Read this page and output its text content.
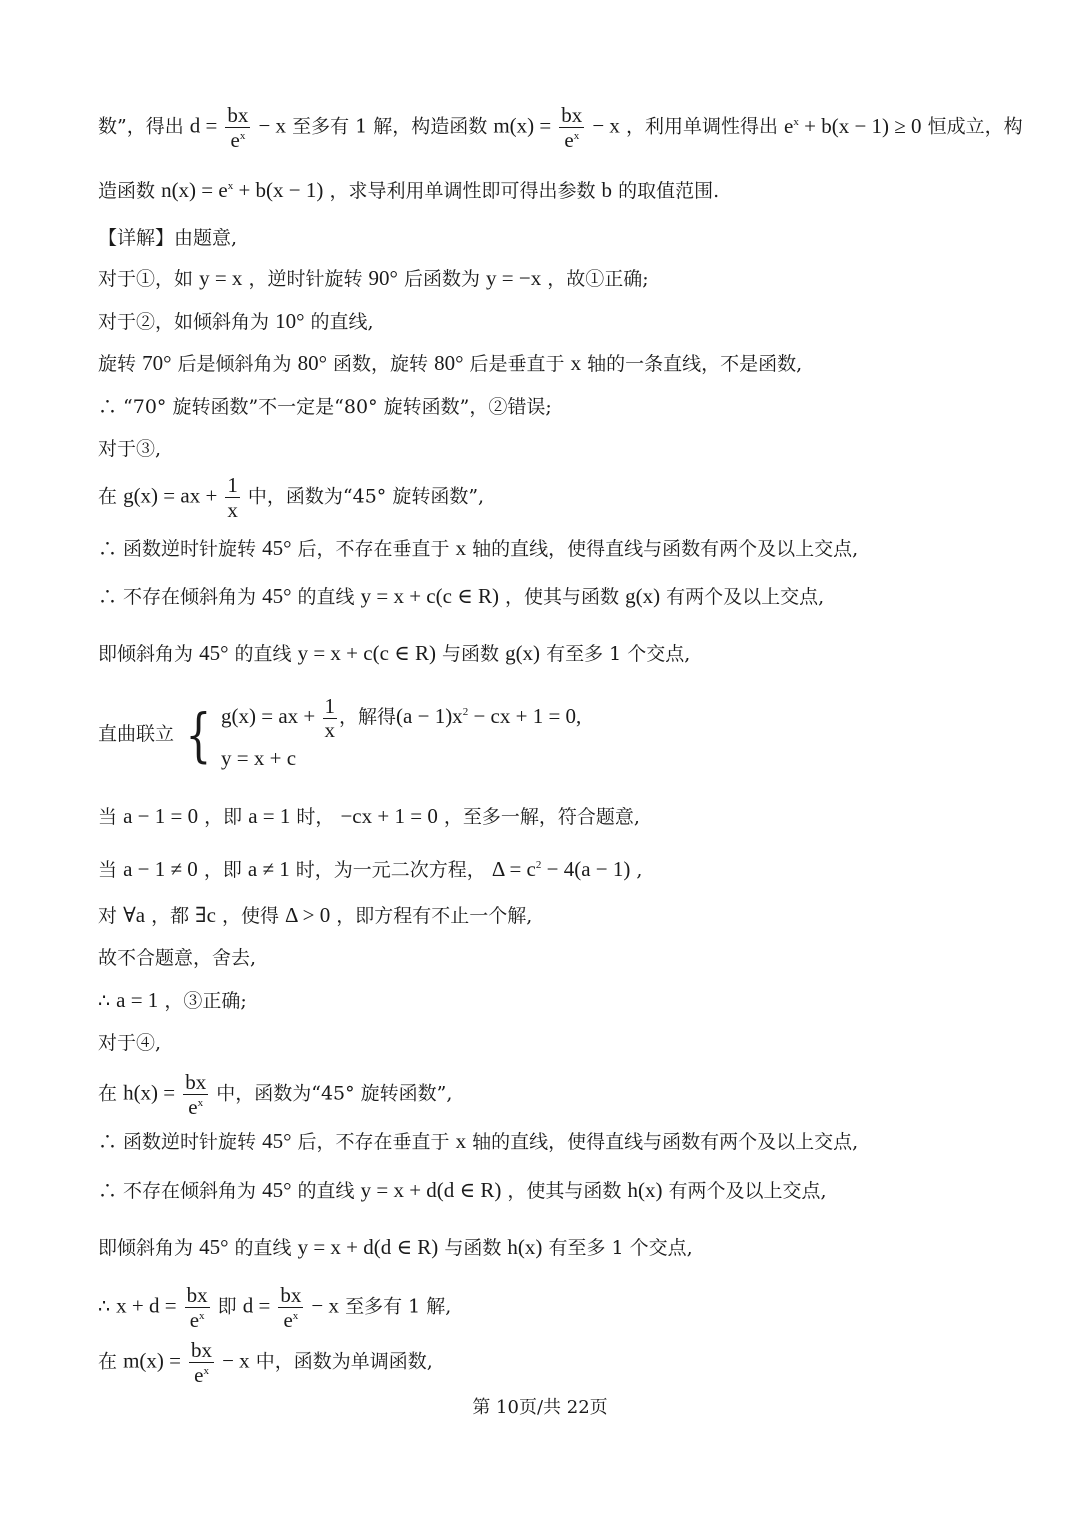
数”，得出 $d = \frac{bx}{e^x} - x$ 至多有 1 解，构造函数 $m(x) = \frac{bx}{e^x} - x$ ，利用单调性得出 $e^x + b(x - 1) \ge 0$ 恒成立，构
造函数 $n(x) = e^x + b(x - 1)$ ，求导利用单调性即可得出参数 b 的取值范围.
【详解】由题意,
对于①，如 y = x ，逆时针旋转 90° 后函数为 y = −x ，故①正确;
对于②，如倾斜角为 10° 的直线,
旋转 70° 后是倾斜角为 80° 函数，旋转 80° 后是垂直于 x 轴的一条直线，不是函数,
∴ “70° 旋转函数”不一定是“80° 旋转函数”，②错误;
对于③,
在 g(x) = ax + $\frac{1}{x}$ 中，函数为“45° 旋转函数”,
∴ 函数逆时针旋转 45° 后，不存在垂直于 x 轴的直线，使得直线与函数有两个及以上交点,
∴ 不存在倾斜角为 45° 的直线 y = x + c(c ∈ R) ，使其与函数 g(x) 有两个及以上交点,
即倾斜角为 45° 的直线 y = x + c(c ∈ R) 与函数 g(x) 有至多 1 个交点,
直曲联立 { g(x) = ax + $\frac{1}{x}$ ，解得$(a - 1)x^2$ − cx + 1 = 0,
y = x + c
当 a − 1 = 0 ，即 a = 1 时， −cx + 1 = 0 ，至多一解，符合题意,
当 a − 1 ≠ 0 ，即 a ≠ 1 时，为一元二次方程， $\Delta = c^2 - 4(a - 1)$ ,
对 ∀a ，都 ∃c ，使得 Δ > 0 ，即方程有不止一个解,
故不合题意，舍去,
∴ a = 1 ，③正确;
对于④,
在 $h(x) = \frac{bx}{e^x}$ 中，函数为“45° 旋转函数”,
∴ 函数逆时针旋转 45° 后，不存在垂直于 x 轴的直线，使得直线与函数有两个及以上交点,
∴ 不存在倾斜角为 45° 的直线 y = x + d(d ∈ R) ，使其与函数 h(x) 有两个及以上交点,
即倾斜角为 45° 的直线 y = x + d(d ∈ R) 与函数 h(x) 有至多 1 个交点,
∴ $x + d = \frac{bx}{e^x}$ 即 $d = \frac{bx}{e^x} - x$ 至多有 1 解,
在 $m(x) = \frac{bx}{e^x} - x$ 中，函数为单调函数,
第 10页/共 22页
